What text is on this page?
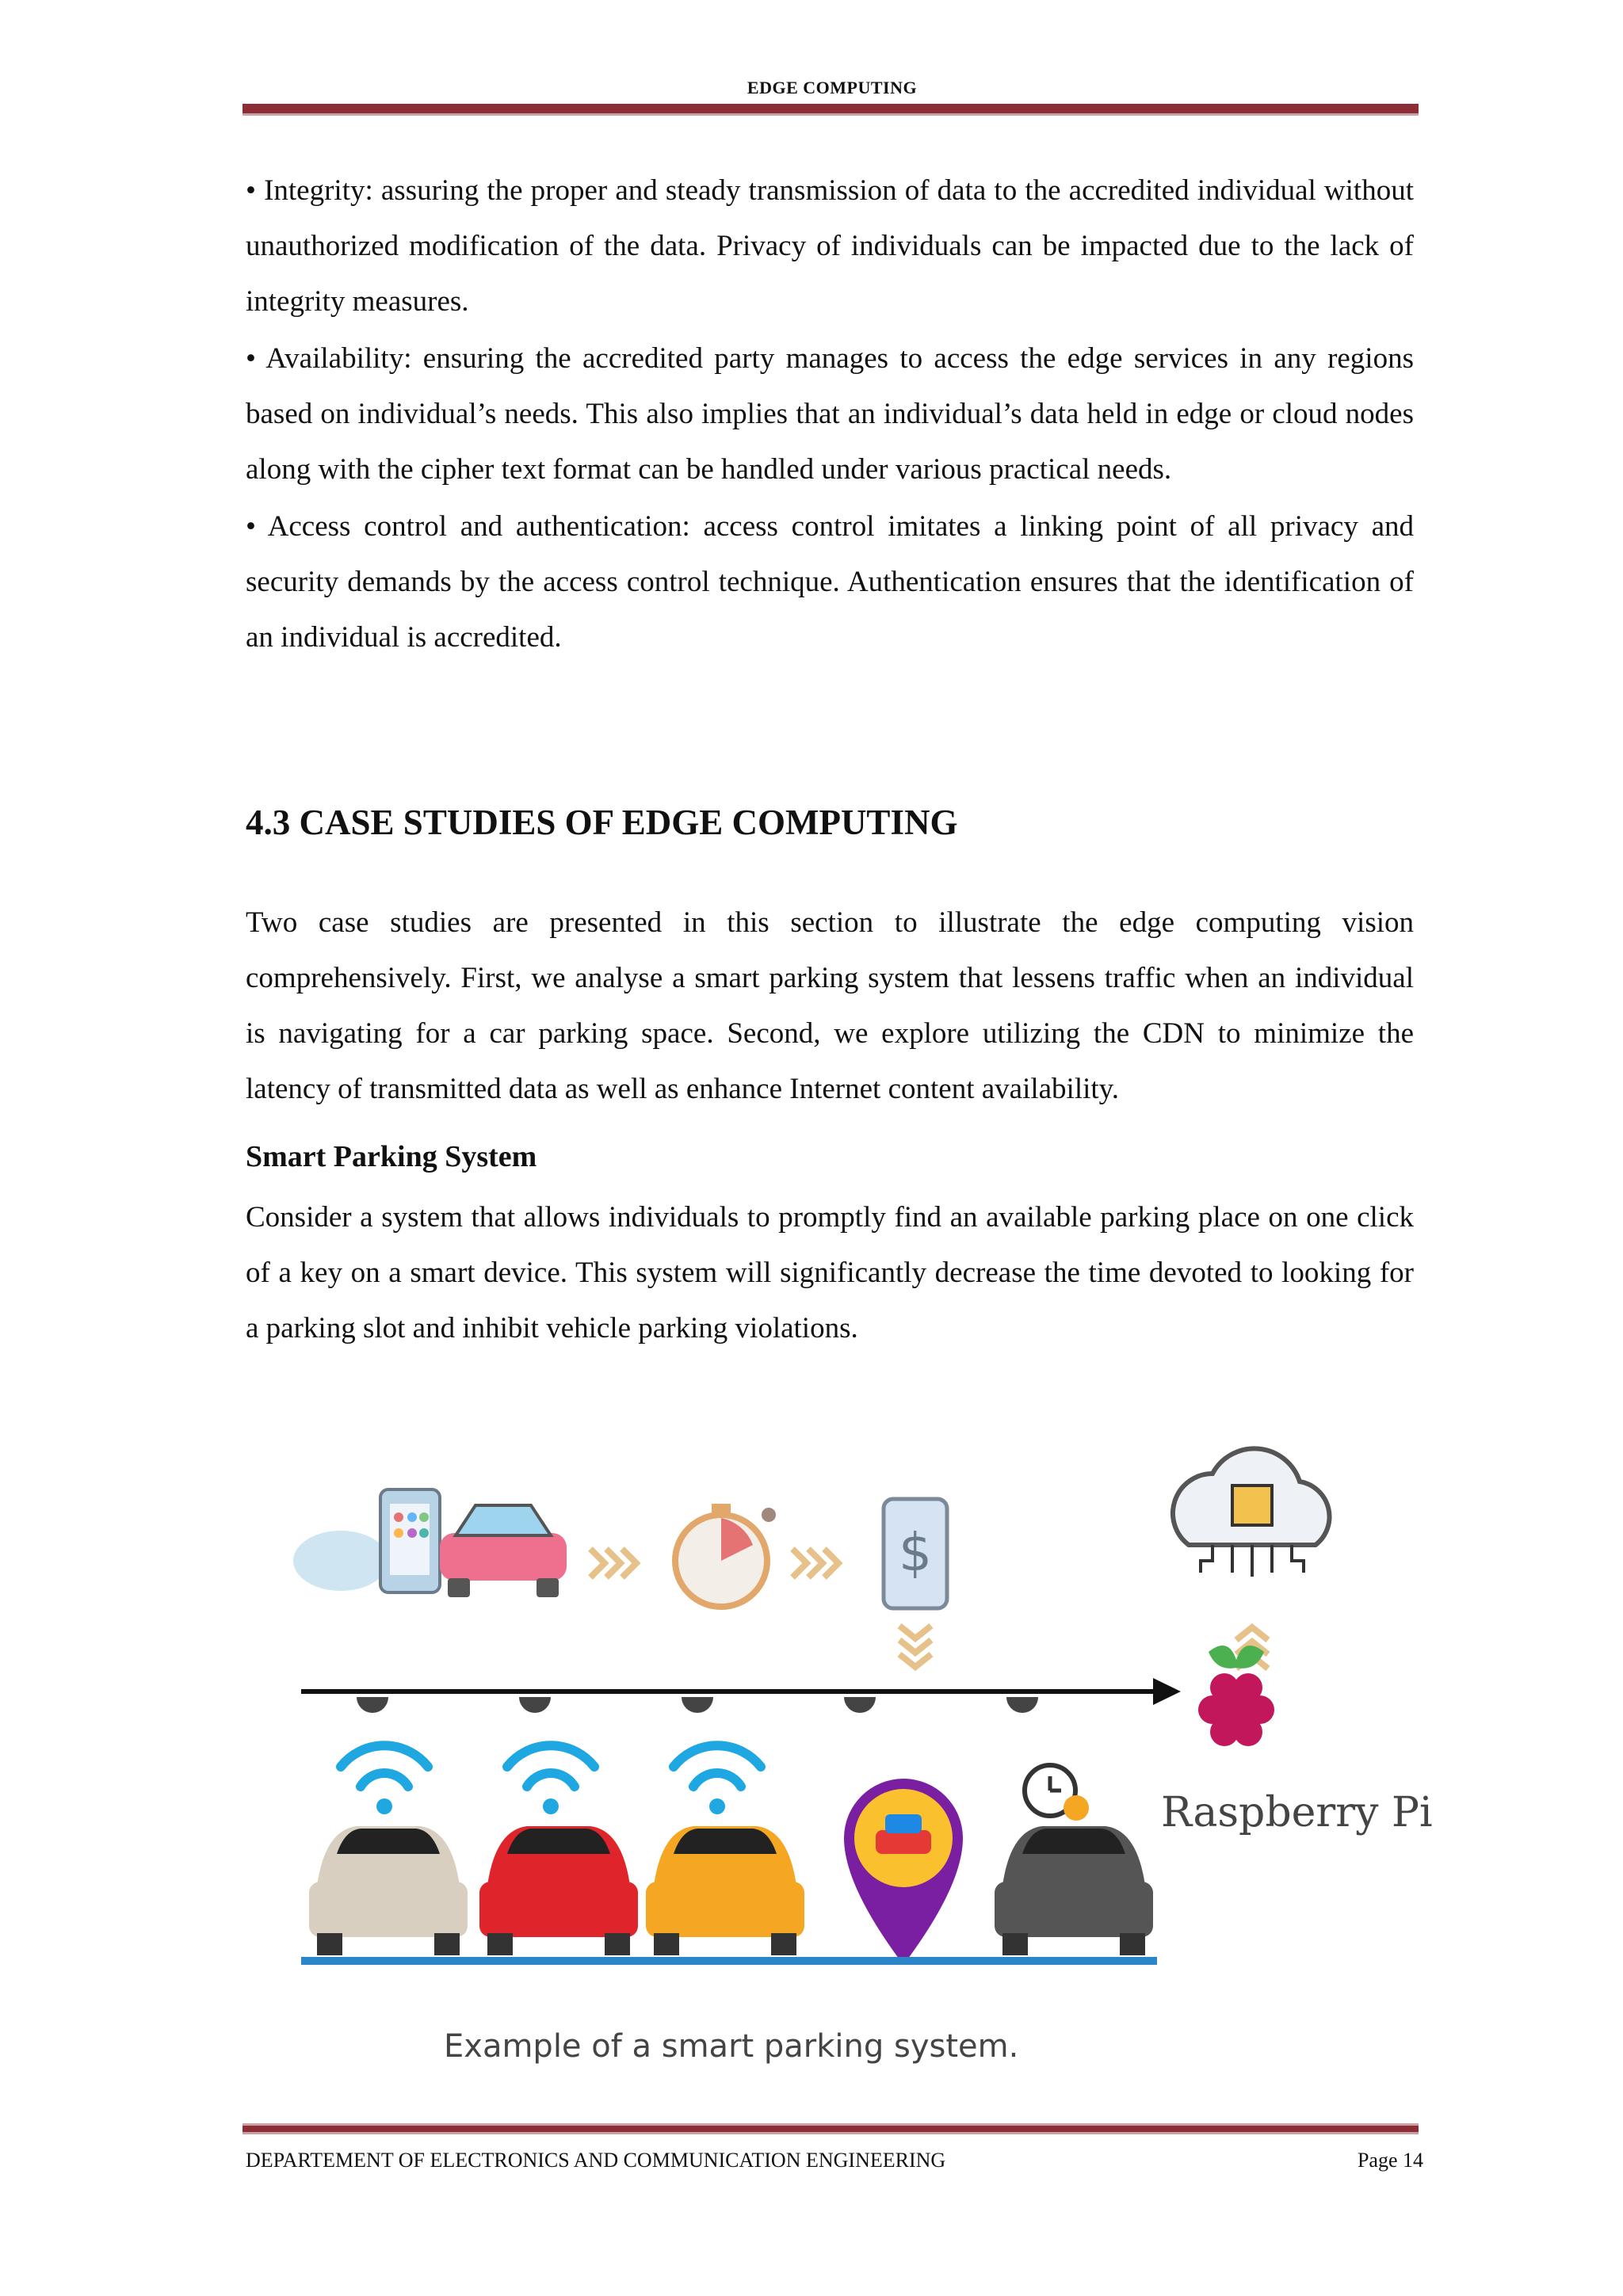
EDGE COMPUTING

• Integrity: assuring the proper and steady transmission of data to the accredited individual without unauthorized modification of the data. Privacy of individuals can be impacted due to the lack of integrity measures.

• Availability: ensuring the accredited party manages to access the edge services in any regions based on individual’s needs. This also implies that an individual’s data held in edge or cloud nodes along with the cipher text format can be handled under various practical needs.

• Access control and authentication: access control imitates a linking point of all privacy and security demands by the access control technique. Authentication ensures that the identification of an individual is accredited.

4.3 CASE STUDIES OF EDGE COMPUTING

Two case studies are presented in this section to illustrate the edge computing vision comprehensively. First, we analyse a smart parking system that lessens traffic when an individual is navigating for a car parking space. Second, we explore utilizing the CDN to minimize the latency of transmitted data as well as enhance Internet content availability.

Smart Parking System

Consider a system that allows individuals to promptly find an available parking place on one click of a key on a smart device. This system will significantly decrease the time devoted to looking for a parking slot and inhibit vehicle parking violations.

$
Raspberry Pi
Example of a smart parking system.
DEPARTEMENT OF ELECTRONICS AND COMMUNICATION ENGINEERING	Page 14
